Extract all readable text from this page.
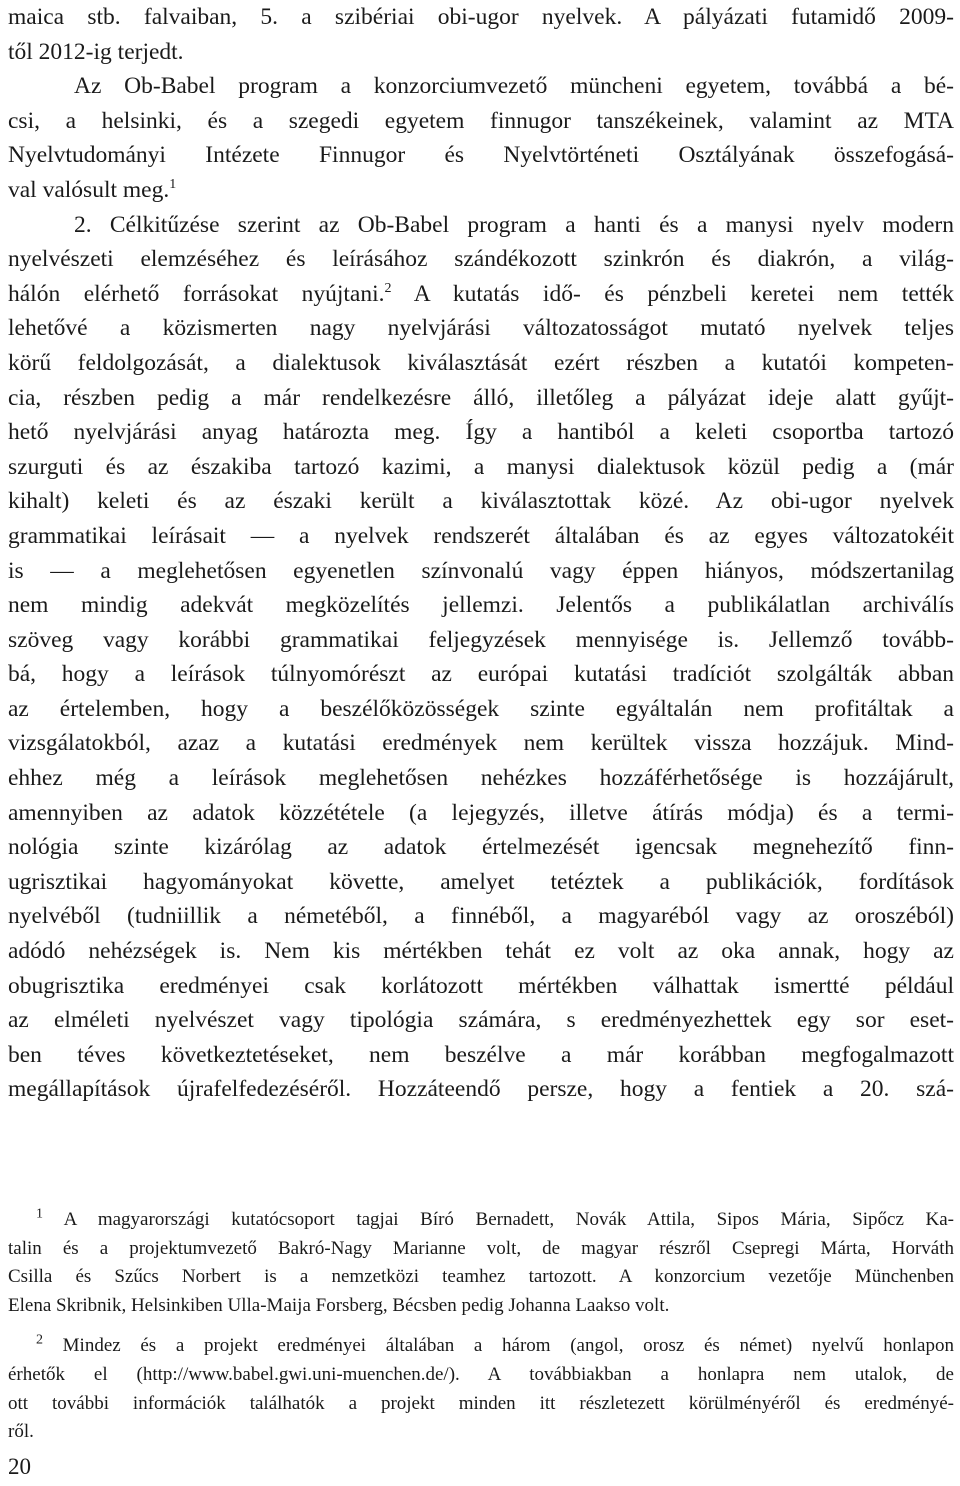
maica stb. falvaiban, 5. a szibériai obi-ugor nyelvek. A pályázati futamidő 2009-
től 2012-ig terjedt.

Az Ob-Babel program a konzorciumvezető müncheni egyetem, továbbá a bé-
csi, a helsinki, és a szegedi egyetem finnugor tanszékeinek, valamint az MTA
Nyelvtudományi Intézete Finnugor és Nyelvtörténeti Osztályának összefogásá-
val valósult meg.$^1$

2. Célkitűzése szerint az Ob-Babel program a hanti és a manysi nyelv modern
nyelvészeti elemzéséhez és leírásához szándékozott szinkrón és diakrón, a világ-
hálón elérhető forrásokat nyújtani.$^2$ A kutatás idő- és pénzbeli keretei nem tették
lehetővé a közismerten nagy nyelvjárási változatosságot mutató nyelvek teljes
körű feldolgozását, a dialektusok kiválasztását ezért részben a kutatói kompeten-
cia, részben pedig a már rendelkezésre álló, illetőleg a pályázat ideje alatt gyűjt-
hető nyelvjárási anyag határozta meg. Így a hantiból a keleti csoportba tartozó
szurguti és az északiba tartozó kazimi, a manysi dialektusok közül pedig a (már
kihalt) keleti és az északi került a kiválasztottak közé. Az obi-ugor nyelvek
grammatikai leírásait — a nyelvek rendszerét általában és az egyes változatokéit
is — a meglehetősen egyenetlen színvonalú vagy éppen hiányos, módszertanilag
nem mindig adekvát megközelítés jellemzi. Jelentős a publikálatlan archiválís
szöveg vagy korábbi grammatikai feljegyzések mennyisége is. Jellemző tovább-
bá, hogy a leírások túlnyomórészt az európai kutatási tradíciót szolgálták abban
az értelemben, hogy a beszélőközösségek szinte egyáltalán nem profitáltak a
vizsgálatokból, azaz a kutatási eredmények nem kerültek vissza hozzájuk. Mind-
ehhez még a leírások meglehetősen nehézkes hozzáférhetősége is hozzájárult,
amennyiben az adatok közzététele (a lejegyzés, illetve átírás módja) és a termi-
nológia szinte kizárólag az adatok értelmezését igencsak megnehezítő finn-
ugrisztikai hagyományokat követte, amelyet tetéztek a publikációk, fordítások
nyelvéből (tudniillik a németéből, a finnéből, a magyaréból vagy az oroszéból)
adódó nehézségek is. Nem kis mértékben tehát ez volt az oka annak, hogy az
obugrisztika eredményei csak korlátozott mértékben válhattak ismertté például
az elméleti nyelvészet vagy tipológia számára, s eredményezhettek egy sor eset-
ben téves következtetéseket, nem beszélve a már korábban megfogalmazott
megállapítások újrafelfedezéséről. Hozzáteendő persze, hogy a fentiek a 20. szá-

$^1$ A magyarországi kutatócsoport tagjai Bíró Bernadett, Novák Attila, Sipos Mária, Sipőcz Ka-
talin és a projektumvezető Bakró-Nagy Marianne volt, de magyar részről Csepregi Márta, Horváth
Csilla és Szűcs Norbert is a nemzetközi teamhez tartozott. A konzorcium vezetője Münchenben
Elena Skribnik, Helsinkiben Ulla-Maija Forsberg, Bécsben pedig Johanna Laakso volt.
$^2$ Mindez és a projekt eredményei általában a három (angol, orosz és német) nyelvű honlapon
érhetők el (http://www.babel.gwi.uni-muenchen.de/). A továbbiakban a honlapra nem utalok, de
ott további információk találhatók a projekt minden itt részletezett körülményéről és eredményé-
ről.
20
